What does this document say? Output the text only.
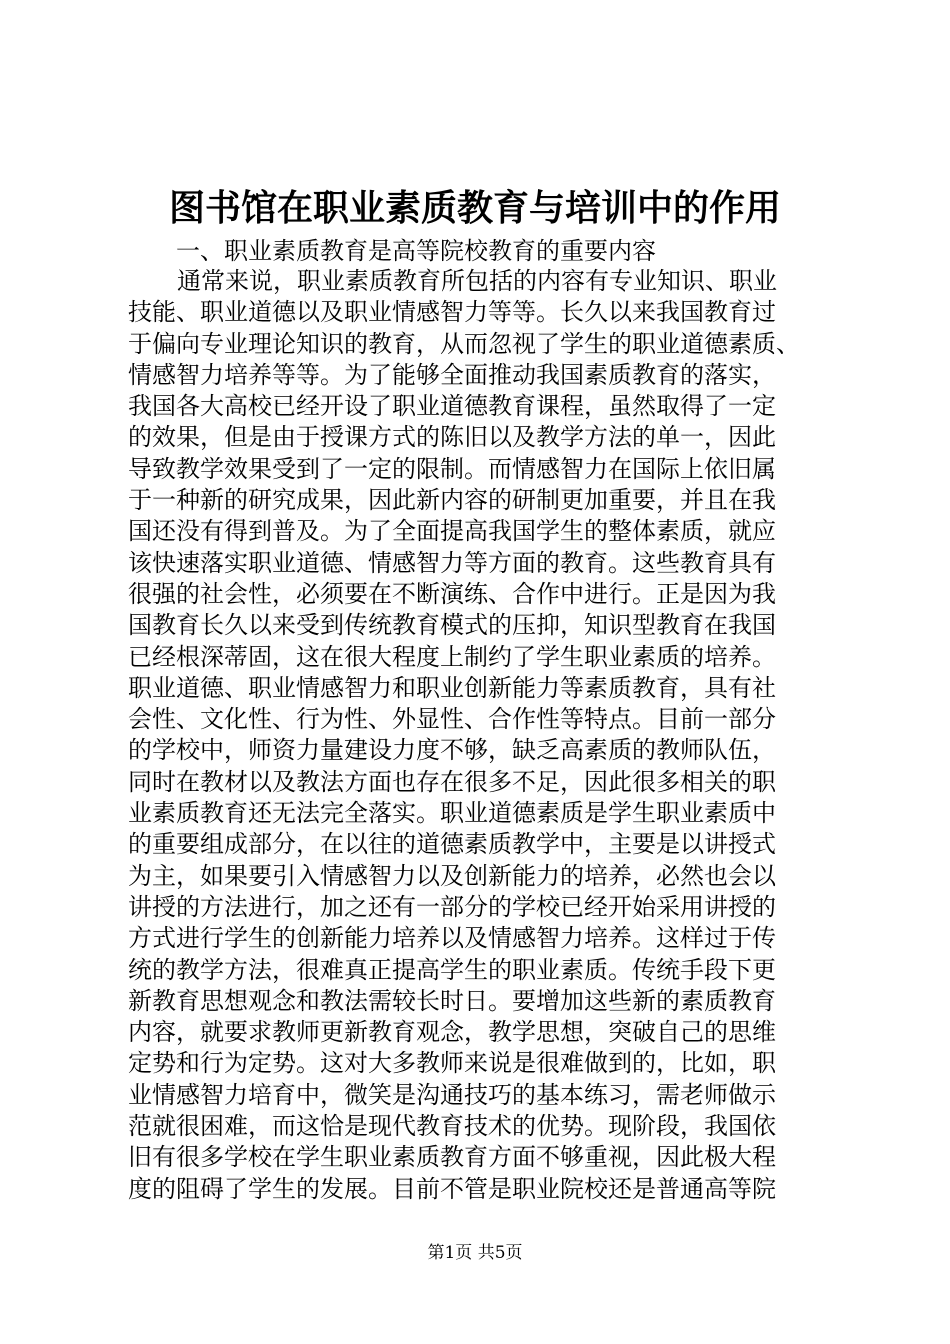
图书馆在职业素质教育与培训中的作用
一、职业素质教育是高等院校教育的重要内容
通常来说，职业素质教育所包括的内容有专业知识、职业
技能、职业道德以及职业情感智力等等。长久以来我国教育过
于偏向专业理论知识的教育，从而忽视了学生的职业道德素质、
情感智力培养等等。为了能够全面推动我国素质教育的落实，
我国各大高校已经开设了职业道德教育课程，虽然取得了一定
的效果，但是由于授课方式的陈旧以及教学方法的单一，因此
导致教学效果受到了一定的限制。而情感智力在国际上依旧属
于一种新的研究成果，因此新内容的研制更加重要，并且在我
国还没有得到普及。为了全面提高我国学生的整体素质，就应
该快速落实职业道德、情感智力等方面的教育。这些教育具有
很强的社会性，必须要在不断演练、合作中进行。正是因为我
国教育长久以来受到传统教育模式的压抑，知识型教育在我国
已经根深蒂固，这在很大程度上制约了学生职业素质的培养。
职业道德、职业情感智力和职业创新能力等素质教育，具有社
会性、文化性、行为性、外显性、合作性等特点。目前一部分
的学校中，师资力量建设力度不够，缺乏高素质的教师队伍，
同时在教材以及教法方面也存在很多不足，因此很多相关的职
业素质教育还无法完全落实。职业道德素质是学生职业素质中
的重要组成部分，在以往的道德素质教学中，主要是以讲授式
为主，如果要引入情感智力以及创新能力的培养，必然也会以
讲授的方法进行，加之还有一部分的学校已经开始采用讲授的
方式进行学生的创新能力培养以及情感智力培养。这样过于传
统的教学方法，很难真正提高学生的职业素质。传统手段下更
新教育思想观念和教法需较长时日。要增加这些新的素质教育
内容，就要求教师更新教育观念，教学思想，突破自己的思维
定势和行为定势。这对大多教师来说是很难做到的，比如，职
业情感智力培育中，微笑是沟通技巧的基本练习，需老师做示
范就很困难，而这恰是现代教育技术的优势。现阶段，我国依
旧有很多学校在学生职业素质教育方面不够重视，因此极大程
度的阻碍了学生的发展。目前不管是职业院校还是普通高等院
第1页 共5页
